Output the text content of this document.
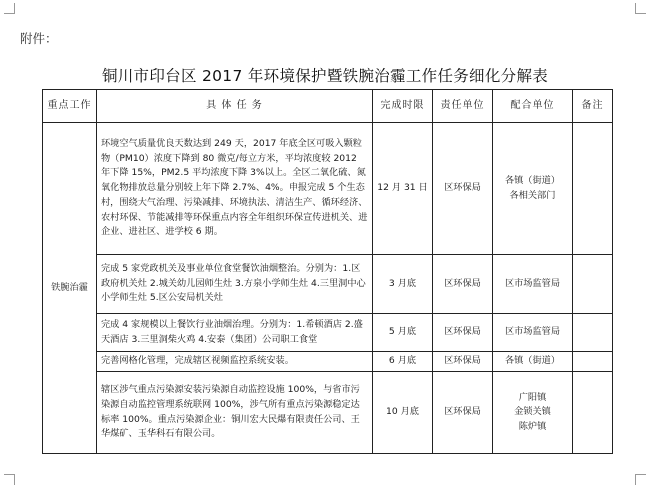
附件：
铜川市印台区 2017 年环境保护暨铁腕治霾工作任务细化分解表
重点工作	具 体 任 务	完成时限	责任单位	配合单位	备注
铁腕治霾	环境空气质量优良天数达到 249 天，2017 年底全区可吸入颗粒物（PM10）浓度下降到 80 微克/每立方米，平均浓度较 2012 年下降 15%，PM2.5 平均浓度下降 3%以上。全区二氧化硫、氮氧化物排放总量分别较上年下降 2.7%、4%。申报完成 5 个生态村，围绕大气治理、污染减排、环境执法、清洁生产、循环经济、农村环保、节能减排等环保重点内容全年组织环保宣传进机关、进企业、进社区、进学校 6 期。	12 月 31 日	区环保局	各镇（街道）
各相关部门	

	完成 5 家党政机关及事业单位食堂餐饮油烟整治。分别为：1.区政府机关灶 2.城关幼儿园师生灶 3.方泉小学师生灶 4.三里洞中心小学师生灶 5.区公安局机关灶	3 月底	区环保局	区市场监管局	

	完成 4 家规模以上餐饮行业油烟治理。分别为：1.希顿酒店 2.盛天酒店 3.三里洞柴火鸡 4.安泰（集团）公司职工食堂	5 月底	区环保局	区市场监管局	

	完善网格化管理，完成辖区视频监控系统安装。	6 月底	区环保局	各镇（街道）	

	辖区涉气重点污染源安装污染源自动监控设施 100%，与省市污染源自动监控管理系统联网 100%，涉气所有重点污染源稳定达标率 100%。重点污染源企业：铜川宏大民爆有限责任公司、王华煤矿、玉华科石有限公司。	10 月底	区环保局	广阳镇
金锁关镇
陈炉镇	
